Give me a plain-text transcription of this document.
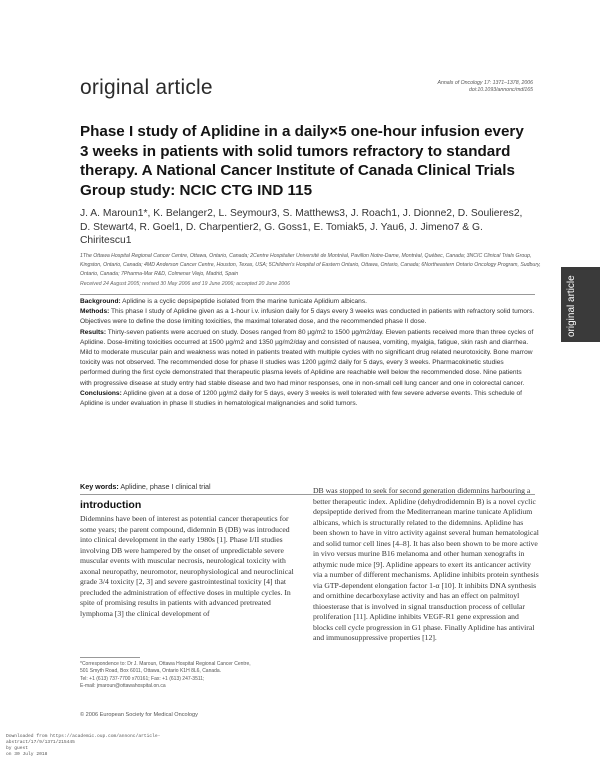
original article	Annals of Oncology 17: 1371–1378, 2006
doi:10.1093/annonc/mdl165
Phase I study of Aplidine in a daily×5 one-hour infusion every 3 weeks in patients with solid tumors refractory to standard therapy. A National Cancer Institute of Canada Clinical Trials Group study: NCIC CTG IND 115
J. A. Maroun1*, K. Belanger2, L. Seymour3, S. Matthews3, J. Roach1, J. Dionne2, D. Soulieres2, D. Stewart4, R. Goel1, D. Charpentier2, G. Goss1, E. Tomiak5, J. Yau6, J. Jimeno7 & G. Chiritescu1
1The Ottawa Hospital Regional Cancer Centre, Ottawa, Ontario, Canada; 2Centre Hospitalier Université de Montréal, Pavillon Notre-Dame, Montréal, Québec, Canada; 3NCIC Clinical Trials Group, Kingston, Ontario, Canada; 4MD Anderson Cancer Centre, Houston, Texas, USA; 5Children's Hospital of Eastern Ontario, Ottawa, Ontario, Canada; 6Northeastern Ontario Oncology Program, Sudbury, Ontario, Canada; 7Pharma-Mar R&D, Colmenar Viejo, Madrid, Spain
Received 24 August 2005; revised 30 May 2006 and 19 June 2006; accepted 20 June 2006

Background: Aplidine is a cyclic depsipeptide isolated from the marine tunicate Aplidium albicans.

Methods: This phase I study of Aplidine given as a 1-hour i.v. infusion daily for 5 days every 3 weeks was conducted in patients with refractory solid tumors. Objectives were to define the dose limiting toxicities, the maximal tolerated dose, and the recommended phase II dose.

Results: Thirty-seven patients were accrued on study. Doses ranged from 80 µg/m2 to 1500 µg/m2/day. Eleven patients received more than three cycles of Aplidine. Dose-limiting toxicities occurred at 1500 µg/m2 and 1350 µg/m2/day and consisted of nausea, vomiting, myalgia, fatigue, skin rash and diarrhea. Mild to moderate muscular pain and weakness was noted in patients treated with multiple cycles with no significant drug related neurotoxicity. Bone marrow toxicity was not observed. The recommended dose for phase II studies was 1200 µg/m2 daily for 5 days, every 3 weeks. Pharmacokinetic studies performed during the first cycle demonstrated that therapeutic plasma levels of Aplidine are reachable well below the recommended dose. Nine patients with progressive disease at study entry had stable disease and two had minor responses, one in non-small cell lung cancer and one in colorectal cancer.

Conclusions: Aplidine given at a dose of 1200 µg/m2 daily for 5 days, every 3 weeks is well tolerated with few severe adverse events. This schedule of Aplidine is under evaluation in phase II studies in hematological malignancies and solid tumors.

Key words: Aplidine, phase I clinical trial
introduction

Didemnins have been of interest as potential cancer therapeutics for some years; the parent compound, didemnin B (DB) was introduced into clinical development in the early 1980s [1]. Phase I/II studies involving DB were hampered by the onset of unpredictable severe muscular events with muscular necrosis, neurological toxicity with axonal neuropathy, neuromotor, neurophysiological and neuroclinical grade 3/4 toxicity [2, 3] and severe gastrointestinal toxicity [4] that precluded the administration of effective doses in multiple cycles. In spite of promising results in patients with advanced pretreated lymphoma [3] the clinical development of

DB was stopped to seek for second generation didemnins harbouring a better therapeutic index. Aplidine (dehydrodidemnin B) is a novel cyclic depsipeptide derived from the Mediterranean marine tunicate Aplidium albicans, which is structurally related to the didemnins. Aplidine has been shown to have in vitro activity against several human hematological and solid tumor cell lines [4–8]. It has also been shown to be more active in vivo versus murine B16 melanoma and other human xenografts in athymic nude mice [9]. Aplidine appears to exert its anticancer activity via a number of different mechanisms. Aplidine inhibits protein synthesis via GTP-dependent elongation factor 1-α [10]. It inhibits DNA synthesis and ornithine decarboxylase activity and has an effect on palmitoyl thioesterase that is involved in signal transduction process of cellular proliferation [11]. Aplidine inhibits VEGF-R1 gene expression and blocks cell cycle progression in G1 phase. Finally Aplidine has antiviral and immunosuppressive properties [12].

*Correspondence to: Dr J. Maroun, Ottawa Hospital Regional Cancer Centre,
501 Smyth Road, Box 6011, Ottawa, Ontario K1H 8L6, Canada.
Tel: +1 (613) 737-7700 x70161; Fax: +1 (613) 247-3511;
E-mail: jmaroun@ottawahospital.on.ca
© 2006 European Society for Medical Oncology
Downloaded from https://academic.oup.com/annonc/article-abstract/17/9/1371/215445
by guest
on 30 July 2018
original article
